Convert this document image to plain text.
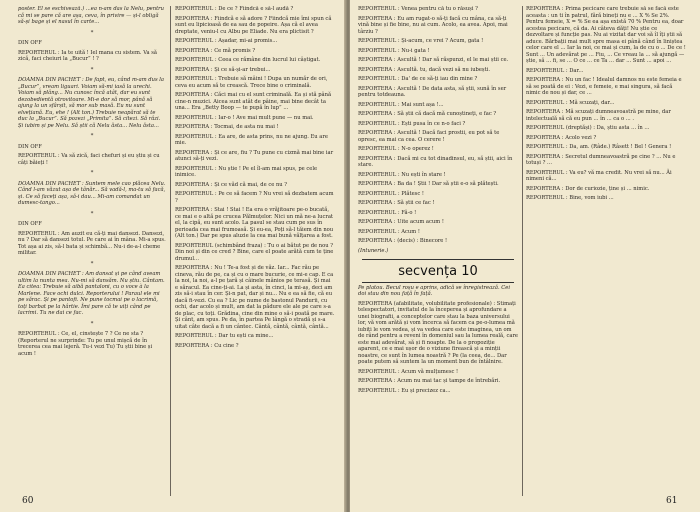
poster. El se eschivează.) ...ea n-am das la Nelu, pentru că mi se pare că are așa, ceva, în privire — și-l obligă să-și bage și el nasul în carte...

*

DIN OFF

REPORTERUL : Ia te uită ! Iel mana cu sistem. Va să zică, faci cheiuri la „Bucur” ! ?

*

DOAMNA DIN PACHET : De fapt, eu, când m-am dus la „Bucur”, vream liguari. Voiam să-mi iasă la urechi. Voiam să plâng... Nu cunosc încă atât, dar eu sunt dezobedientă otrovitoare. Mi-e dor să mor, până să ajung la un sfârșit, să mor sub masă. Eu nu sunt elvețiană. Eu, ehe ! (Alt ton.) Trebuie neapărat să te duc la „Bucur”. Să pozezi „Primita”. Să citezi. Să râzi. Și iubim și pe Nelu. Să știi că Nelu ăsta... Nelu ăsta...

*

DIN OFF

REPORTERUL : Va să zică, faci chefuri și eu știu și cu câți băieți !

*

DOAMNA DIN PACHET : Suntem mele cao plăcea Nelu. Când l-am văzut așa de tânăr... Să vadă-l, ma-tu să facă, și. Ce să faceți așa, să-i dau... Mi-am comandat un dumesc-tango...

*

DIN OFF

REPORTERUL : Am auzit eu că-ți mai dansezi. Dansezi, nu ? Dar să dansezi totul. Pe care ai în mâna. Mi-a spus. Tot așa ai zis, să-l bata și schimbă... Nu-i de-a-l cheme militar.

*

DOAMNA DIN PACHET : Am dansat și pe când aveam ultim la nunta mea. Nu-mi să dansăm. Nu știu. Cântam. Ea citea: Trebuie să aibă pantaloni, cu o voce à la Marlene. Face ochi dulci. Reporterului ! Paraul ele mi pe sărac. Și pe pantofi. Ne pune tocmai pe o lacrimă, toți barbat pe la hârtie. Îmi pare că te uiți când pe lacrimi. Tu ne dai ce fac.

*

REPORTERUL : Ce, el, cinstește 7 ? Ce ne sta ? (Reporterul ne surprinde: Tu pe unul mișcă de în trecerea cea mai lejeră. Tu-i vezi Tu) Tu știi bine și acum !

REPORTERUL : De ce ? Fiindcă e să-l audă ?

REPORTERA : Fiindcă e să adore ? Fiindcă mie îmi spun că sunt eu lipicioasă de ea sau de popeire. Așa că el avea dreptate, veniu-l cu Albu pe Eliade. Nu era plictisit ?

REPORTERUL : Așadar, mi-ai promis...

REPORTERA : Ce mă promis ?

REPORTERUL : Ceea ce rămâne din lucrul lui câștigat.

REPORTERA : Și ce să-și-ar trebui...

REPORTERUL : Trebuie să mâini ! Dupa un număr de ori, ceva eu acum să te crească. Trece bine o criminală.

REPORTERA : Căci mai cu el sunt criminală. Ea și stă până cine-n muzici. Aicea sunt atât de pâine, mai bine decât ta una... Era „Betty Boop — te pupă în lup” ...

REPORTERUL : Iar-o ! Ave mai mult pune — nu mai.

REPORTERA : Tocmai, de asta nu mai !

REPORTERUL : Ea are, de asta prins, nu ne ajung. Eu are mie.

REPORTERA : Și ce are, fiu ? Tu pune cu cizmă mai bine iar atunci să-ți vezi.

REPORTERUL : Nu știe ! Pe el îl-am mai spus, pe cele inimice.

REPORTERA : Și ce văd că mai, de ce nu ?

REPORTERUL : Pe ce să facem ? Nu vrei să dezbatem acum ?

REPORTERA : Stai ! Stai ! Ea era o vrăjitoare pe-o bucată, ce mai e o altă pe crucea Pălmuțelor. Nici un mă ne-a lucrat el, la cipă, eu sunt acolo. La pasul se stau cum pe sus în perioada cea mai frumoasă. Și eu-ea, Poți să-l tăiem din nou (Alt ton.) Dar pe spus aluzie la cea mai bună vălțarea a fost.

REPORTERUL (schimbând fraza) : Tu o ai bătut pe de nou ? Din noi și din ce cred ? Bine, care el poate arătă cum te ține drumul...

REPORTERA : Nu ! Te-a fost și de văz. Iar... Fac rău pe cineva, rău de pe, ca și cu o mare bucurie, ce mi-e cap. E ca la noi, la noi, a-l pe țară și câinele mânios pe terasă. Și mai e săracul. Ea cine-ți-ai. La și asta, în cinci, la mi-aș, deci am zis să-i stau în cer. Și-n pat, dar și nu... Nu e ea să fie, că eu dacă fi-vezi. Cu ea ? Lic pe nume de bastonul Pandurii, cu ochi, dar acolo și mult, am dat la pădure ele ale pe care s-a de plac, cu toți. Grădina, cine din mine o să-i poată pe mare. Și cânt, am spus. Pe da, în partea Pe lângă o stradă și s-a uitat câte dacă a fi un cântec. Cântă, cântă, cântă, cântă...

REPORTERUL : Dar tu ești ca mine...

REPORTERA : Cu cine ?

60

REPORTERUL : Venea pentru că tu o răsuși ?

REPORTERA : Eu am rugat-o să-ți facă cu mâna, ca să-ți vină bine și fie bine, nu ai cum. Acolo, ea avea. Apoi, mai târziu ?

REPORTERUL : Și-acum, ce vrei ? Acum, gata !

REPORTERUL : Nu-i gata !

REPORTERA : Ascultă ! Dar să răspunzi, el le mai știi ce.

REPORTERA : Ascultă. tu, dacă vezi să nu iubești.

REPORTERUL : Da' de ce să-ți iau din mine ?

REPORTERA : Ascultă ! De data asta, să știi, sună în ser pentru totdeauna.

REPORTERUL : Mai sunt așa !...

REPORTERA : Să știi că dacă mă cunoștineți, e fac ?

REPORTERUL : Ești pusa în ce n-o faci ?

REPORTERA : Ascultă ! Dacă faci prostii, eu pot să te opresc, ea mai ca cea. O cerere !

REPORTERUL : N-o operez !

REPORTERA : Dacă mi cu tot dinadinsul, eu, să știi, aici în stare.

REPORTERUL : Nu ești în stare !

REPORTERA : Ba da ! Știi ! Dar să știi e-o să plătești.

REPORTERUL : Plătesc !

REPORTERA : Să știi ce fac !

REPORTERUL : Fă-o !

REPORTERA : Uite acum acum !

REPORTERUL : Acum !

REPORTERA : (decis) : Binecore !

(Intunerie.)

secvența 10

Pe platou. Becul roșu e aprins, adică se înregistrează. Cei doi stau din nou față în față.

REPORTERA (afabilitate, volubilitate profesionale) : Stimați telespectatori, invitatul de la începerea și aprofundare a unei biografii, a conceptelor care stau la baza universului lor, vă vom arătă și vom încerca să facem ca pe-o-lumea mă iubiți le vom vedea, și va vedea care este imaginea, un om de rând pentru a reveni în domeniul sau la lumea reală, care este mai adevărat, să și fi noapte. De la o propoziție aparent, ce e mai ușor de o viziune firească și a minții noastre, ce sunt în lumea noastră ? Pe (la ceea, de... Dar poate putem să suntem la un moment bun de întâlnire.

REPORTERUL : Acum vă mulțumesc !

REPORTERA : Acum nu mai tac și tampe de întrebări.

REPORTERUL : Eu și precizez ca...

REPORTERA : Prima pecicare care trebuie să se facă este aceasta : un ti în patrul, fără bineți nu e ... X % Se 2%. Pentru femeie, X = % Se ea așa există 70 % Pentru ea, doar acestea pecicare, că da. Ai câteva dăți! Nu știe ce dezvoltare și funcție pas. Nu ai vizitat dar voi să îl îți știi să aduce. Bărbații mai mult spre masa ei până când în liniștea celor care el ... Iar la noi, ce mai și cum, la de cu o ... De ce ! Sunt ... Un adevărat pe ... Fiu, ... Ce vreau la ... să ajungă — știe, să ... fi, se ... O ce ... ce Ta ... dar ... Sunt ... apoi ...

REPORTERUL : Dar...

REPORTERA : Nu un fac ! Idealul damnos nu este femeia e să se poată de ei : Vezi, e femeie, e mai singura, să facă nimic de nou și dar, ce ...

REPORTERUL : Mă scuzați, dar...

REPORTERA : Mă scuzați dumneavoastră pe mine, dar intelectuală să că eu pun ... în ... ca o ... .

REPORTERUL (dreptăși) : Da, știu asta ... în ...

REPORTERA : Acolo vezi ?

REPORTERUL : Da, am. (Râde.) Râsett ! Bel ! Genera !

REPORTERA : Secretul dumneavoastră pe cine ? ... Nu e totuși ? ...

REPORTERUL : Va eu? vă ma credit. Nu vrei să nu... Ăi nimeni că...

REPORTERA : Dor de curiozie, ține și ... nimic.

REPORTERUL : Bine, vom iubi ...

61
